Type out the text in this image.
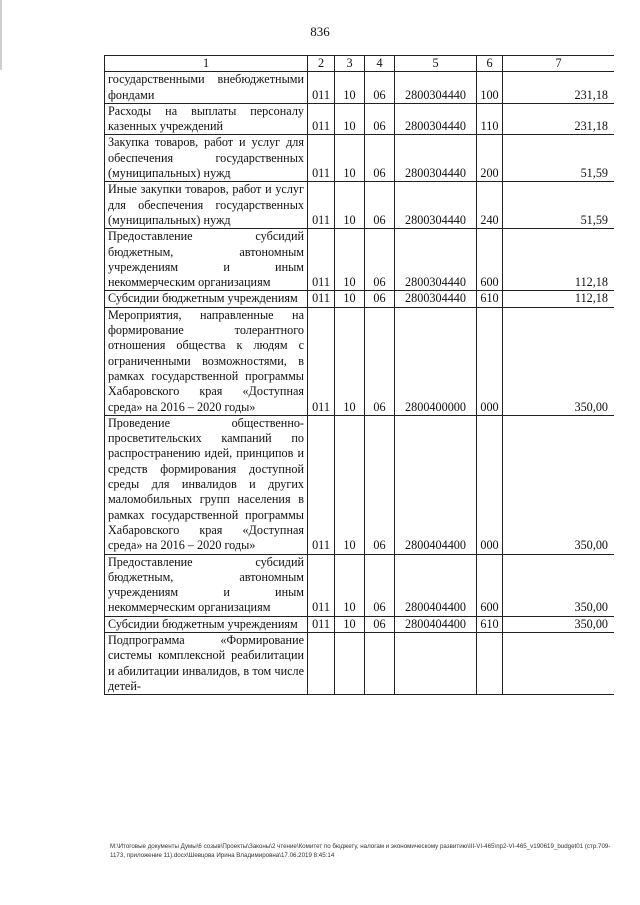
836
1	2	3	4	5	6	7
государственными внебюджетными фондами	011	10	06	2800304440	100	231,18
Расходы на выплаты персоналу казенных учреждений	011	10	06	2800304440	110	231,18
Закупка товаров, работ и услуг для обеспечения государственных (муниципальных) нужд	011	10	06	2800304440	200	51,59
Иные закупки товаров, работ и услуг для обеспечения государственных (муниципальных) нужд	011	10	06	2800304440	240	51,59
Предоставление субсидий бюджетным, автономным учреждениям и иным некоммерческим организациям	011	10	06	2800304440	600	112,18
Субсидии бюджетным учреждениям	011	10	06	2800304440	610	112,18
Мероприятия, направленные на формирование толерантного отношения общества к людям с ограниченными возможностями, в рамках государственной программы Хабаровского края «Доступная среда» на 2016 – 2020 годы»	011	10	06	2800400000	000	350,00
Проведение общественно-просветительских кампаний по распространению идей, принципов и средств формирования доступной среды для инвалидов и других маломобильных групп населения в рамках государственной программы Хабаровского края «Доступная среда» на 2016 – 2020 годы»	011	10	06	2800404400	000	350,00
Предоставление субсидий бюджетным, автономным учреждениям и иным некоммерческим организациям	011	10	06	2800404400	600	350,00
Субсидии бюджетным учреждениям	011	10	06	2800404400	610	350,00
Подпрограмма «Формирование системы комплексной реабилитации и абилитации инвалидов, в том числе детей-						
М:\Итоговые документы Думы\6 созыв\Проекты\Законы\2 чтение\Комитет по бюджету, налогам и экономическому развитию\III-VI-465\пр2-VI-465_v190619_budget01 (стр.709-1173, приложение 11).docx\Шевцова Ирина Владимировна\17.06.2019 8:45:14
